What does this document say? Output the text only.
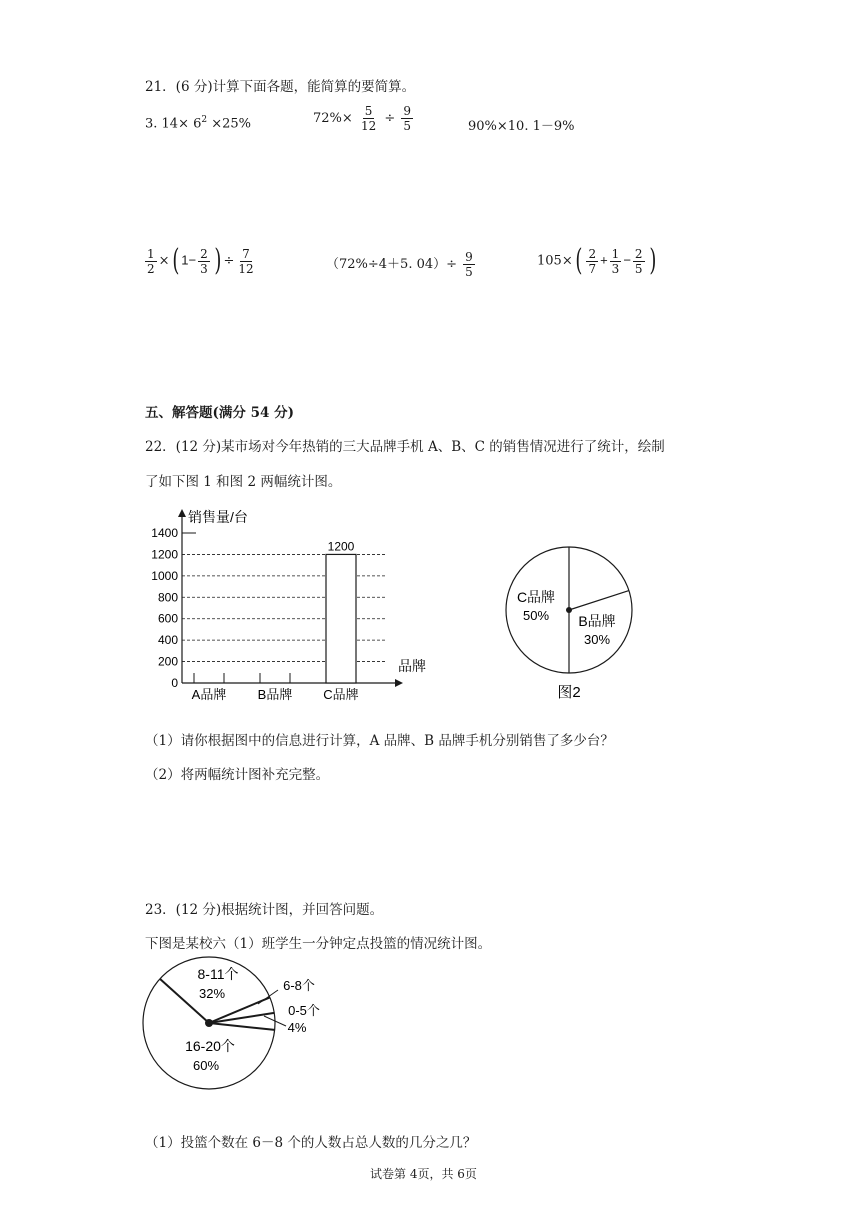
21．(6 分)计算下面各题，能简算的要简算。
3. $14\times 6^2 \times 25\%$	$72\%\times \frac{5}{12} \div \frac{9}{5}$	90%×10. 1－9%
$\frac{1}{2}$ ×( $1- \frac{2}{3}$ ) ÷ $\frac{7}{12}$	（72%÷4＋5. $04)\div \frac{9}{5}$	$105\times( \frac{2}{7} + \frac{1}{3} - \frac{2}{5}$ )
五、解答题(满分 54 分)
22．(12 分)某市场对今年热销的三大品牌手机 A、B、C 的销售情况进行了统计，绘制
了如下图 1 和图 2 两幅统计图。
销售量/台
品牌
0
200
400
600
800
1000
1200
1400
A品牌 B品牌
1200
C品牌
C品牌
50% B品牌
30%
图2
（1）请你根据图中的信息进行计算，A 品牌、B 品牌手机分别销售了多少台？
（2）将两幅统计图补充完整。
23．(12 分)根据统计图，并回答问题。
下图是某校六（1）班学生一分钟定点投篮的情况统计图。
8-11个
32%
6-8个
0-5个
4%
16-20个
60%
（1）投篮个数在 6－8 个的人数占总人数的几分之几？
试卷第 4页，共 6页
